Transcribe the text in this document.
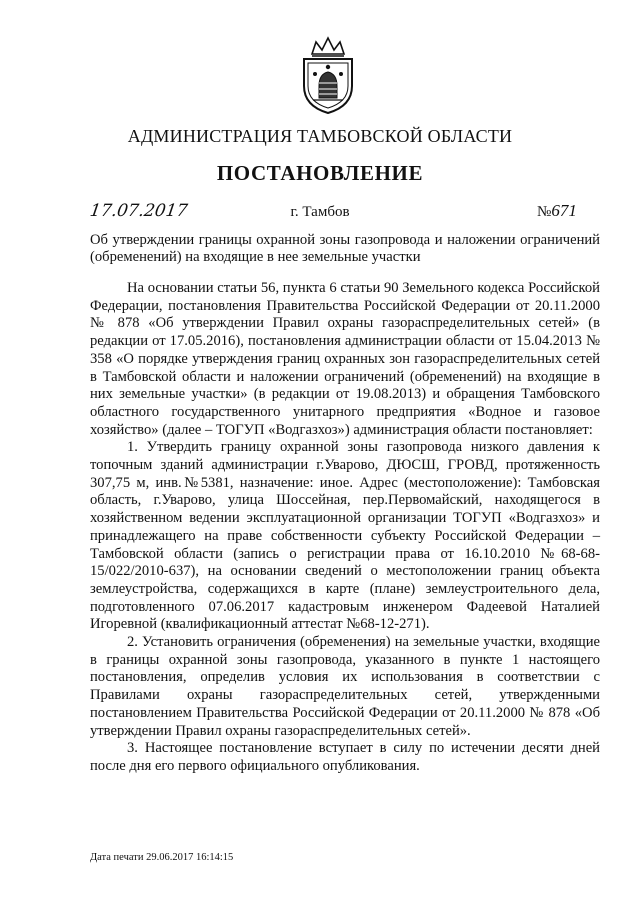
АДМИНИСТРАЦИЯ ТАМБОВСКОЙ ОБЛАСТИ
ПОСТАНОВЛЕНИЕ
17.07.2017	г. Тамбов	№671
Об утверждении границы охранной зоны газопровода и наложении ограничений (обременений) на входящие в нее земельные участки

На основании статьи 56, пункта 6 статьи 90 Земельного кодекса Российской Федерации, постановления Правительства Российской Федерации от 20.11.2000 № 878 «Об утверждении Правил охраны газораспределительных сетей» (в редакции от 17.05.2016), постановления администрации области от 15.04.2013 № 358 «О порядке утверждения границ охранных зон газораспределительных сетей в Тамбовской области и наложении ограничений (обременений) на входящие в них земельные участки» (в редакции от 19.08.2013) и обращения Тамбовского областного государственного унитарного предприятия «Водное и газовое хозяйство» (далее – ТОГУП «Водгазхоз») администрация области постановляет:

1. Утвердить границу охранной зоны газопровода низкого давления к топочным зданий администрации г.Уварово, ДЮСШ, ГРОВД, протяженность 307,75 м, инв.№5381, назначение: иное. Адрес (местоположение): Тамбовская область, г.Уварово, улица Шоссейная, пер.Первомайский, находящегося в хозяйственном ведении эксплуатационной организации ТОГУП «Водгазхоз» и принадлежащего на праве собственности субъекту Российской Федерации – Тамбовской области (запись о регистрации права от 16.10.2010 №68-68-15/022/2010-637), на основании сведений о местоположении границ объекта землеустройства, содержащихся в карте (плане) землеустроительного дела, подготовленного 07.06.2017 кадастровым инженером Фадеевой Наталией Игоревной (квалификационный аттестат №68-12-271).

2. Установить ограничения (обременения) на земельные участки, входящие в границы охранной зоны газопровода, указанного в пункте 1 настоящего постановления, определив условия их использования в соответствии с Правилами охраны газораспределительных сетей, утвержденными постановлением Правительства Российской Федерации от 20.11.2000 № 878 «Об утверждении Правил охраны газораспределительных сетей».

3. Настоящее постановление вступает в силу по истечении десяти дней после дня его первого официального опубликования.

Дата печати 29.06.2017 16:14:15
